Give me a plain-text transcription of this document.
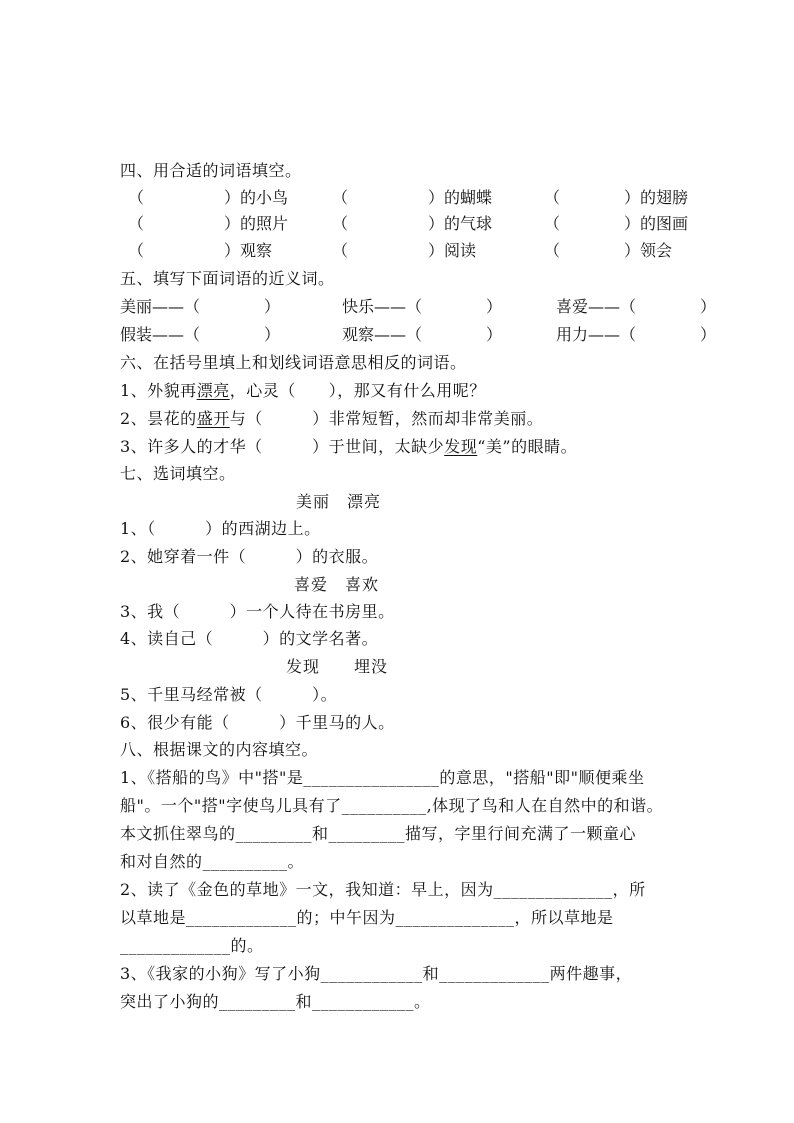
四、用合适的词语填空。
（　　　　　）的小鸟	（　　　　　）的蝴蝶	（　　　　）的翅膀
（　　　　　）的照片	（　　　　　）的气球	（　　　　）的图画
（　　　　　）观察	（　　　　　）阅读	（　　　　）领会
五、填写下面词语的近义词。
美丽——（　　　　）	快乐——（　　　　）	喜爱——（　　　　）
假装——（　　　　）	观察——（　　　　）	用力——（　　　　）
六、在括号里填上和划线词语意思相反的词语。
1、外貌再漂亮，心灵（　　），那又有什么用呢？
2、昙花的盛开与（　　　）非常短暂，然而却非常美丽。
3、许多人的才华（　　　）于世间，太缺少发现“美”的眼睛。
七、选词填空。
美丽　漂亮
1、（　　　）的西湖边上。
2、她穿着一件（　　　）的衣服。
喜爱　喜欢
3、我（　　　）一个人待在书房里。
4、读自己（　　　）的文学名著。
发现　　埋没
5、千里马经常被（　　　）。
6、很少有能（　　　）千里马的人。
八、根据课文的内容填空。
1、《搭船的鸟》中"搭"是________________的意思，"搭船"即"顺便乘坐
船"。一个"搭"字使鸟儿具有了__________,体现了鸟和人在自然中的和谐。
本文抓住翠鸟的_________和_________描写，字里行间充满了一颗童心
和对自然的__________。
2、读了《金色的草地》一文，我知道：早上，因为______________，所
以草地是_____________的；中午因为______________，所以草地是
_____________的。
3、《我家的小狗》写了小狗____________和_____________两件趣事，
突出了小狗的_________和____________。
